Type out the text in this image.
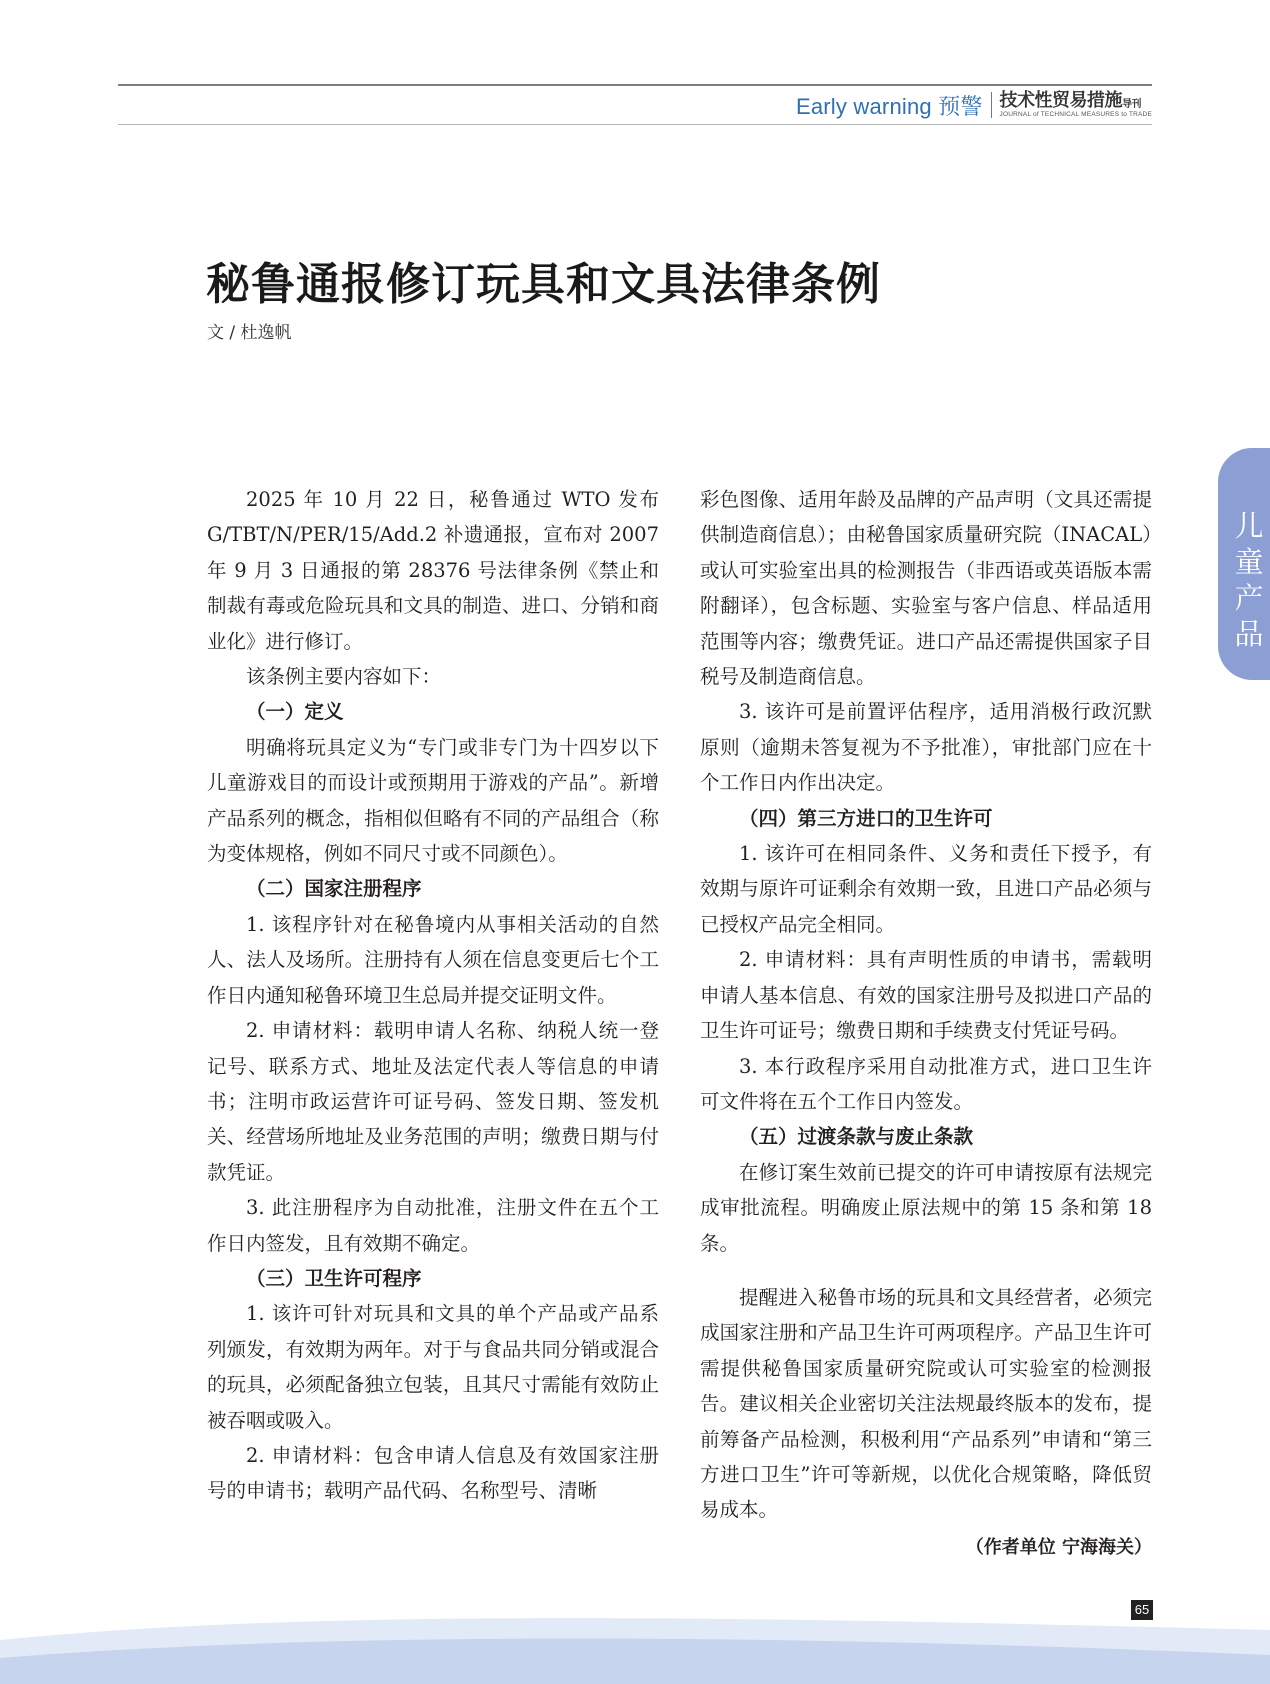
Early warning 预警 技术性贸易措施导刊
JOURNAL of TECHNICAL MEASURES to TRADE
秘鲁通报修订玩具和文具法律条例
文 / 杜逸帆

2025 年 10 月 22 日，秘鲁通过 WTO 发布 G/TBT/N/PER/15/Add.2 补遗通报，宣布对 2007 年 9 月 3 日通报的第 28376 号法律条例《禁止和制裁有毒或危险玩具和文具的制造、进口、分销和商业化》进行修订。

该条例主要内容如下：

（一）定义

明确将玩具定义为“专门或非专门为十四岁以下儿童游戏目的而设计或预期用于游戏的产品”。新增产品系列的概念，指相似但略有不同的产品组合（称为变体规格，例如不同尺寸或不同颜色）。

（二）国家注册程序

1. 该程序针对在秘鲁境内从事相关活动的自然人、法人及场所。注册持有人须在信息变更后七个工作日内通知秘鲁环境卫生总局并提交证明文件。

2. 申请材料：载明申请人名称、纳税人统一登记号、联系方式、地址及法定代表人等信息的申请书；注明市政运营许可证号码、签发日期、签发机关、经营场所地址及业务范围的声明；缴费日期与付款凭证。

3. 此注册程序为自动批准，注册文件在五个工作日内签发，且有效期不确定。

（三）卫生许可程序

1. 该许可针对玩具和文具的单个产品或产品系列颁发，有效期为两年。对于与食品共同分销或混合的玩具，必须配备独立包装，且其尺寸需能有效防止被吞咽或吸入。

2. 申请材料：包含申请人信息及有效国家注册号的申请书；载明产品代码、名称型号、清晰

彩色图像、适用年龄及品牌的产品声明（文具还需提供制造商信息）；由秘鲁国家质量研究院（INACAL）或认可实验室出具的检测报告（非西语或英语版本需附翻译），包含标题、实验室与客户信息、样品适用范围等内容；缴费凭证。进口产品还需提供国家子目税号及制造商信息。

3. 该许可是前置评估程序，适用消极行政沉默原则（逾期未答复视为不予批准），审批部门应在十个工作日内作出决定。

（四）第三方进口的卫生许可

1. 该许可在相同条件、义务和责任下授予，有效期与原许可证剩余有效期一致，且进口产品必须与已授权产品完全相同。

2. 申请材料：具有声明性质的申请书，需载明申请人基本信息、有效的国家注册号及拟进口产品的卫生许可证号；缴费日期和手续费支付凭证号码。

3. 本行政程序采用自动批准方式，进口卫生许可文件将在五个工作日内签发。

（五）过渡条款与废止条款

在修订案生效前已提交的许可申请按原有法规完成审批流程。明确废止原法规中的第 15 条和第 18 条。

提醒进入秘鲁市场的玩具和文具经营者，必须完成国家注册和产品卫生许可两项程序。产品卫生许可需提供秘鲁国家质量研究院或认可实验室的检测报告。建议相关企业密切关注法规最终版本的发布，提前筹备产品检测，积极利用“产品系列”申请和“第三方进口卫生”许可等新规，以优化合规策略，降低贸易成本。

（作者单位 宁海海关）

儿童产品
65
